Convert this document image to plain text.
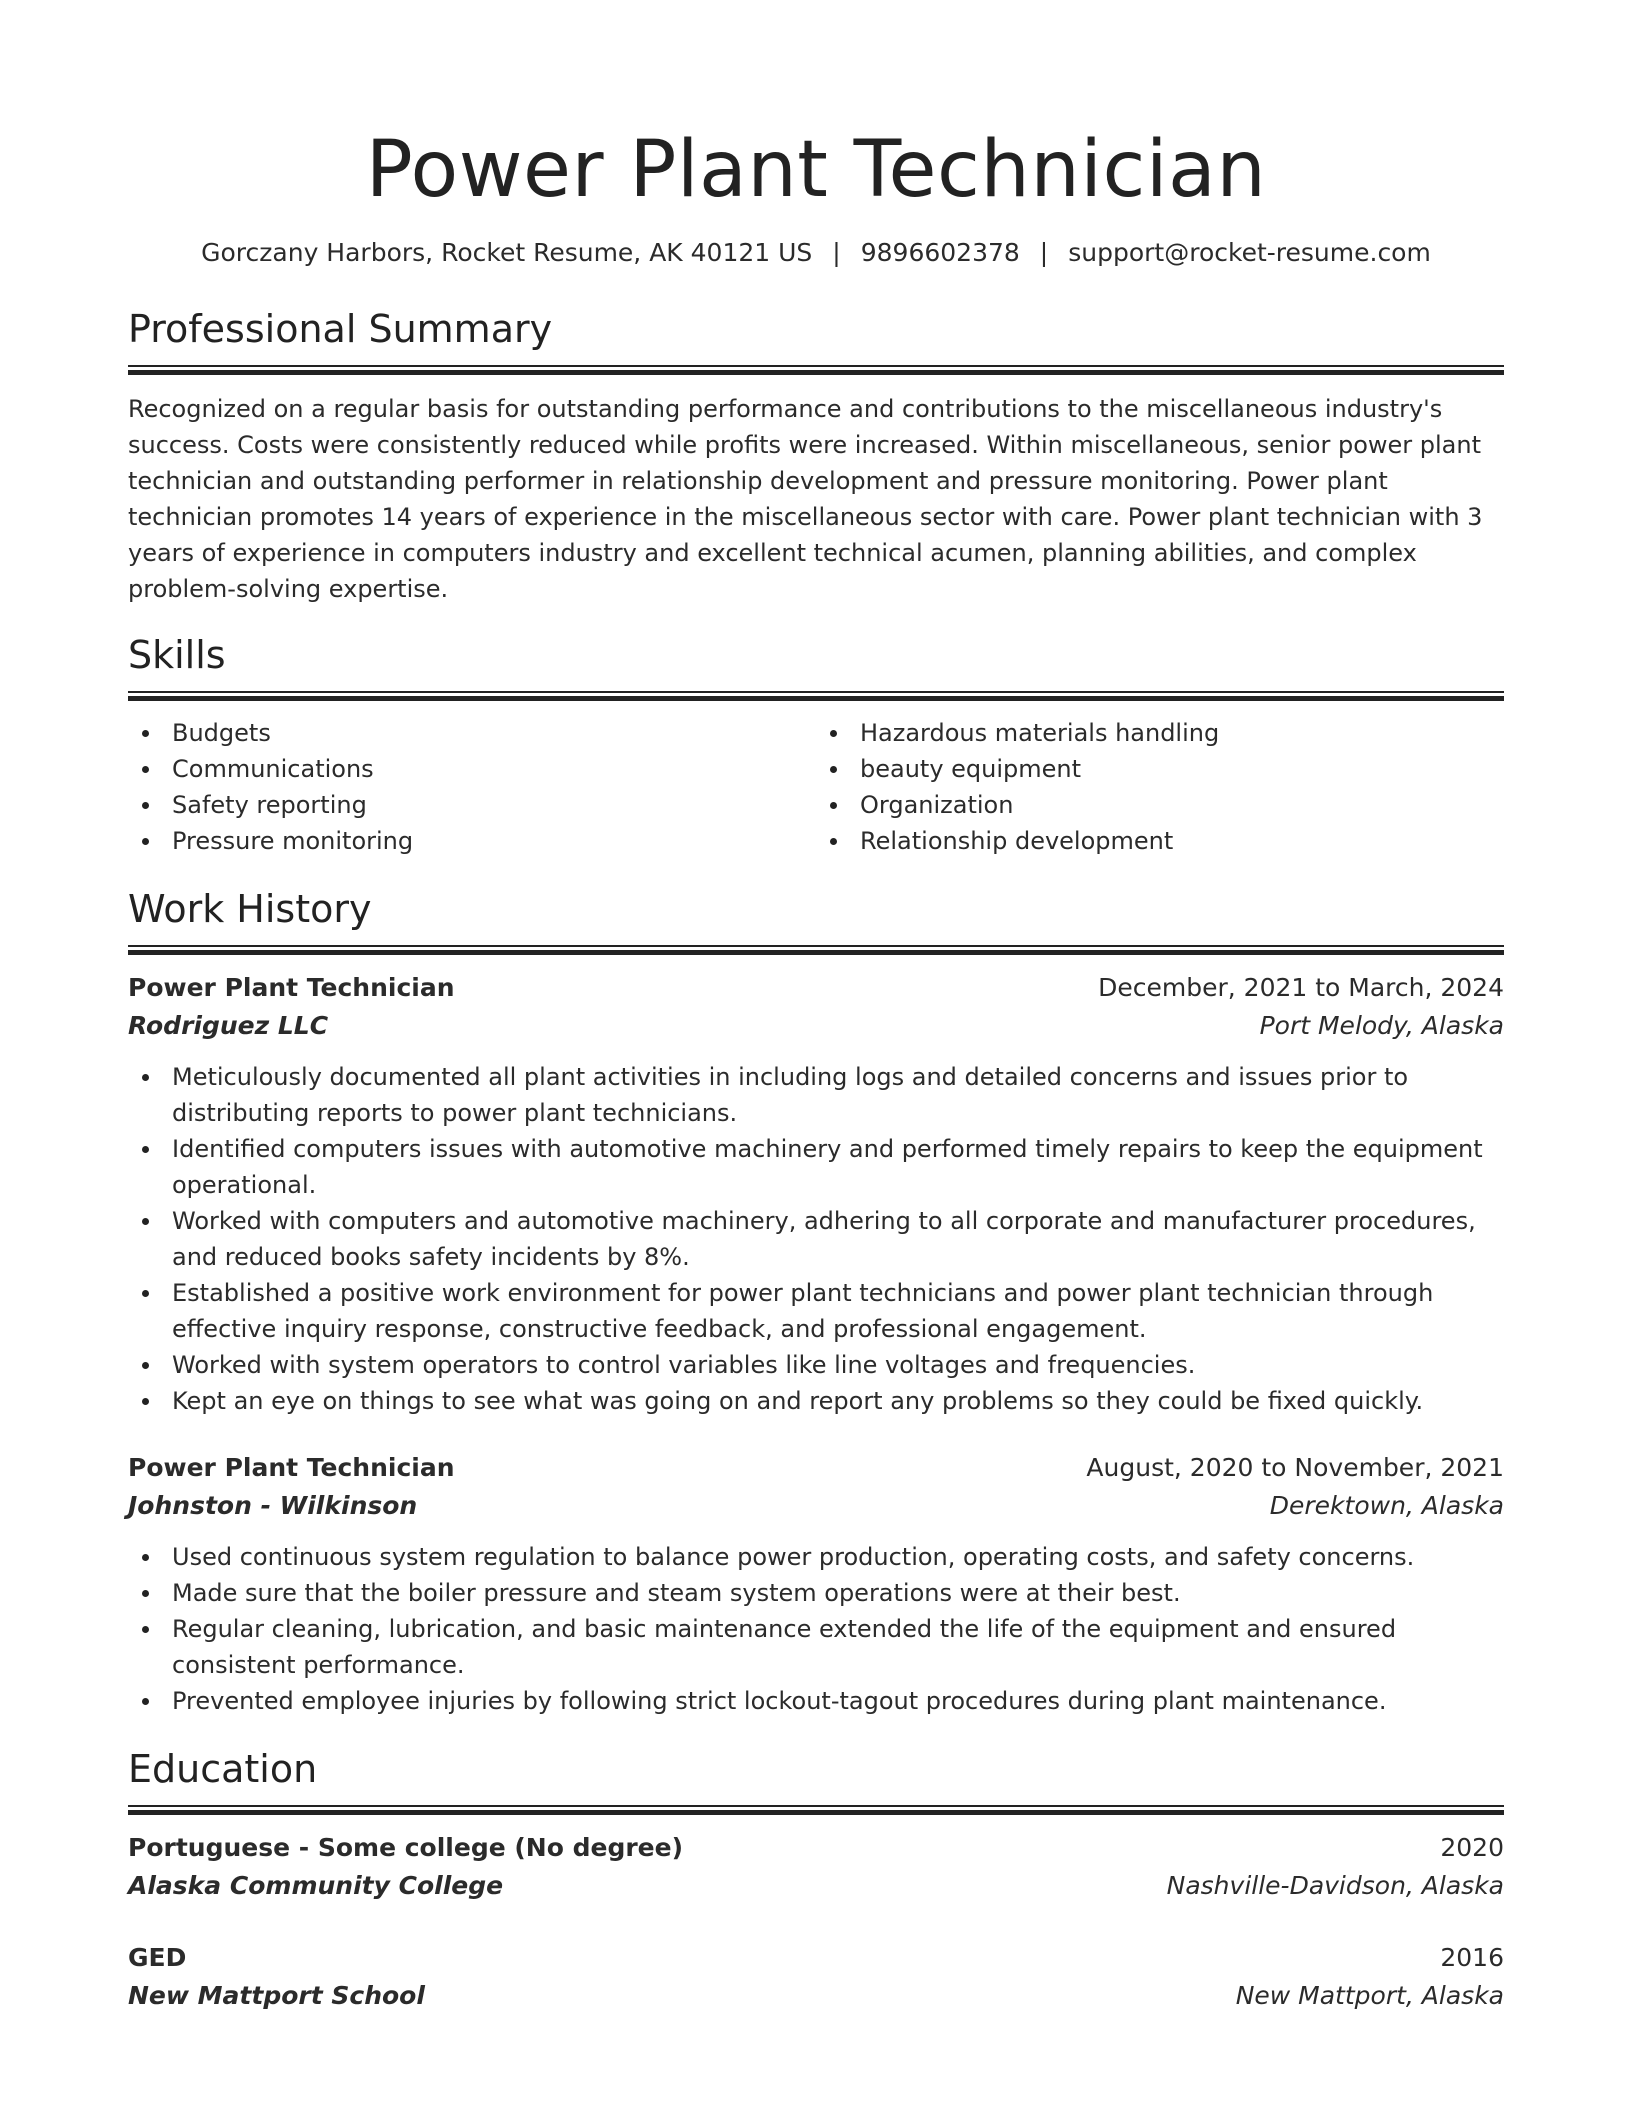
Power Plant Technician
Gorczany Harbors, Rocket Resume, AK 40121 US | 9896602378 | support@rocket-resume.com
Professional Summary

Recognized on a regular basis for outstanding performance and contributions to the miscellaneous industry's success. Costs were consistently reduced while profits were increased. Within miscellaneous, senior power plant technician and outstanding performer in relationship development and pressure monitoring. Power plant technician promotes 14 years of experience in the miscellaneous sector with care. Power plant technician with 3 years of experience in computers industry and excellent technical acumen, planning abilities, and complex problem-solving expertise.

Skills
Budgets
Communications
Safety reporting
Pressure monitoring
Hazardous materials handling
beauty equipment
Organization
Relationship development
Work History
Power Plant Technician	December, 2021 to March, 2024
Rodriguez LLC	Port Melody, Alaska
Meticulously documented all plant activities in including logs and detailed concerns and issues prior to distributing reports to power plant technicians.
Identified computers issues with automotive machinery and performed timely repairs to keep the equipment operational.
Worked with computers and automotive machinery, adhering to all corporate and manufacturer procedures, and reduced books safety incidents by 8%.
Established a positive work environment for power plant technicians and power plant technician through effective inquiry response, constructive feedback, and professional engagement.
Worked with system operators to control variables like line voltages and frequencies.
Kept an eye on things to see what was going on and report any problems so they could be fixed quickly.
Power Plant Technician	August, 2020 to November, 2021
Johnston - Wilkinson	Derektown, Alaska
Used continuous system regulation to balance power production, operating costs, and safety concerns.
Made sure that the boiler pressure and steam system operations were at their best.
Regular cleaning, lubrication, and basic maintenance extended the life of the equipment and ensured consistent performance.
Prevented employee injuries by following strict lockout-tagout procedures during plant maintenance.
Education
Portuguese - Some college (No degree)	2020
Alaska Community College	Nashville-Davidson, Alaska
GED	2016
New Mattport School	New Mattport, Alaska
